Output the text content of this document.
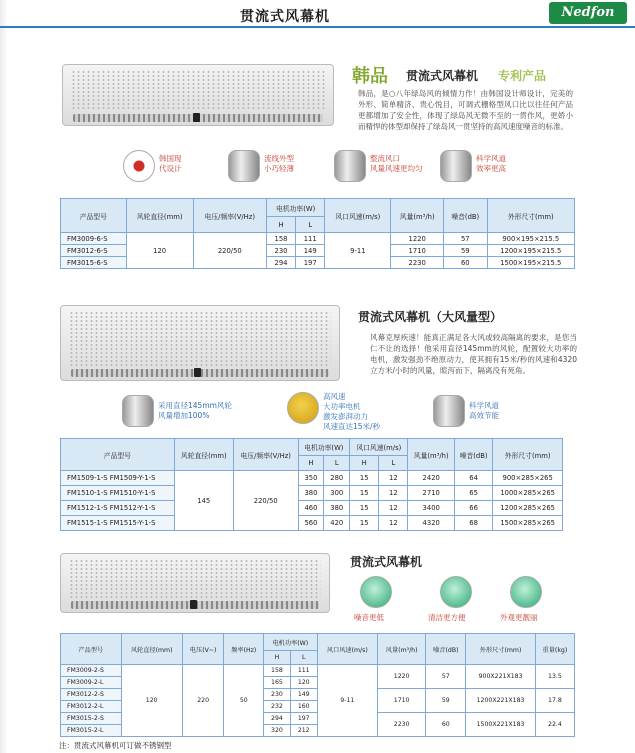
贯流式风幕机	Nedfon
韩品 贯流式风幕机 专利产品
韩品，是○八年绿岛风的倾情力作！由韩国设计师设计，完美的外形、简单精济、贵心悦目，可调式栅格型风口比以往任何产品更都增加了安全性，体现了绿岛风无微不至的一贯作风，更娇小而精悍的体型却保持了绿岛风一贯坚持的高风速度噪音的标准。
韩国现
代设计
流线外型
小巧轻薄
整流风口
风量风速更均匀
科学风道
效率更高
产品型号	风轮直径(mm)	电压/频率(V/Hz)	电机功率(W)		风口风速(m/s)	风量(m³/h)	噪音(dB)	外形尺寸(mm)
			H	L				
FM3009-6-S	120	220/50	158	111	9-11	1220	57	900×195×215.5
FM3012-6-S			230	149		1710	59	1200×195×215.5
FM3015-6-S			294	197		2230	60	1500×195×215.5
贯流式风幕机（大风量型）
风幕克厚疾速！能真正满足各大风或较高隔离的要求，是您当仁不让的选择！他采用直径145mm的风轮，配置较大功率的电机，激发强劲不绝原动力，使其拥有15米/秒的风速和4320立方米/小时的风量，暄泻而下，隔离没有死角。
采用直径145mm风轮
风量增加100%
高风速
大功率电机
激发澎湃动力
风速直达15米/秒
科学风道
高效节能
产品型号	风轮直径(mm)	电压/频率(V/Hz)	电机功率(W)		风口风速(m/s)		风量(m³/h)	噪音(dB)	外形尺寸(mm)
			H	L	H	L			
FM1509-1-S FM1509-Y-1-S	145	220/50	350	280	15	12	2420	64	900×285×265
FM1510-1-S FM1510-Y-1-S			380	300	15	12	2710	65	1000×285×265
FM1512-1-S FM1512-Y-1-S			460	380	15	12	3400	66	1200×285×265
FM1515-1-S FM1515-Y-1-S			560	420	15	12	4320	68	1500×285×265
贯流式风幕机
噪音更低	清洁更方便	外观更靓丽
产品型号	风轮直径(mm)	电压(V~)	频率(Hz)	电机功率(W)		风口风速(m/s)	风量(m³/h)	噪音(dB)	外形尺寸(mm)	重量(kg)
				H	L					
FM3009-2-S	120	220	50	158	111	9-11	1220	57	900X221X183	13.5
FM3009-2-L				165	120					
FM3012-2-S				230	149		1710	59	1200X221X183	17.8
FM3012-2-L				232	160					
FM3015-2-S				294	197		2230	60	1500X221X183	22.4
FM3015-2-L				320	212					
注：贯流式风幕机可订做不锈钢型
